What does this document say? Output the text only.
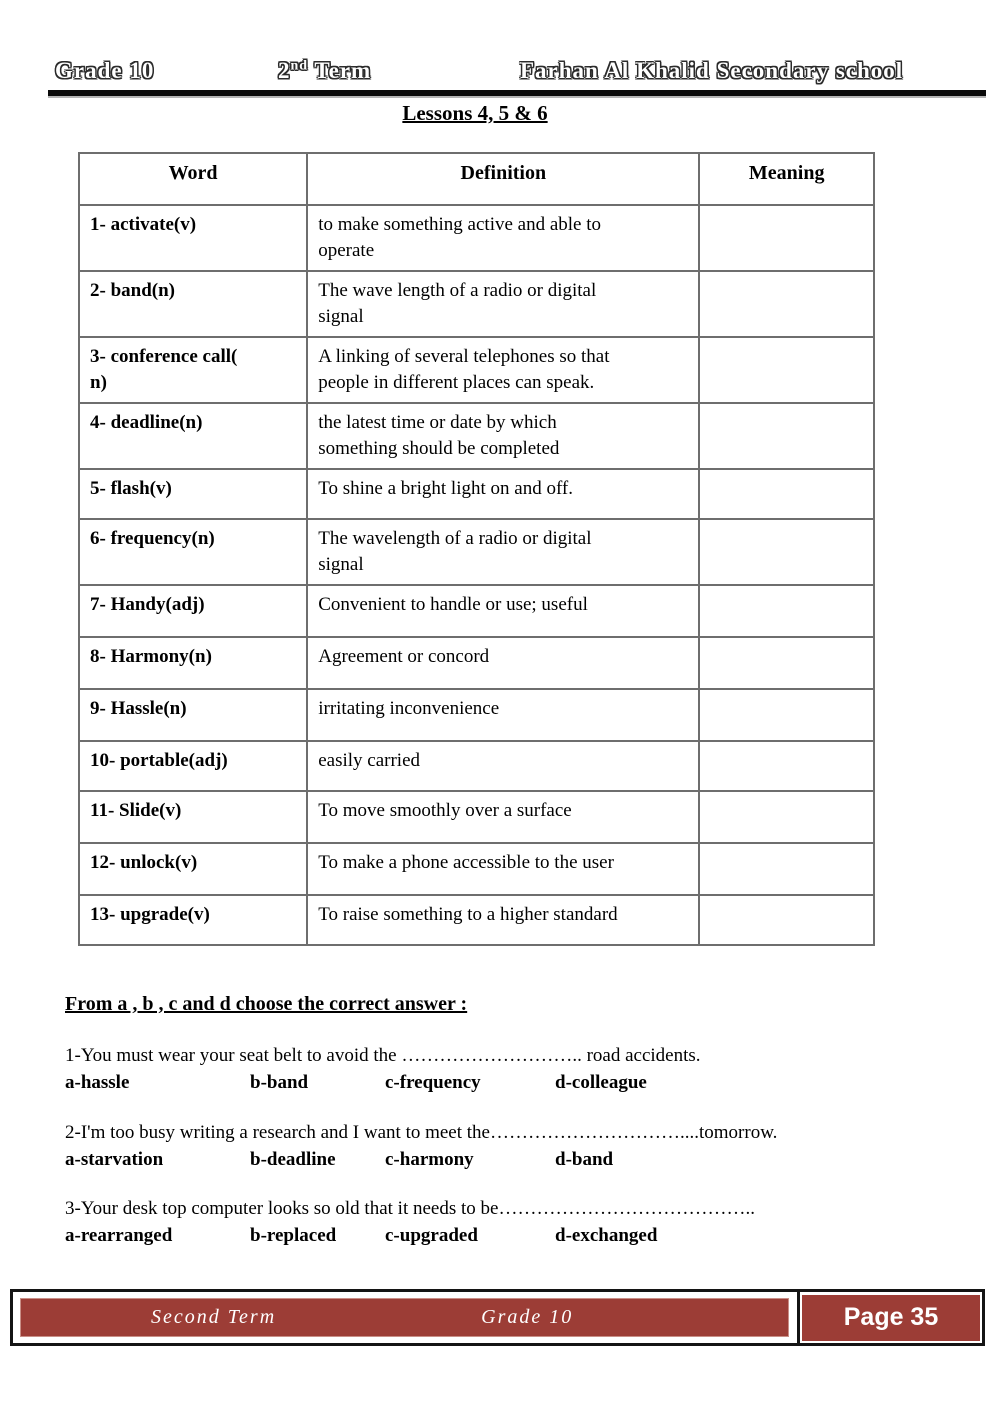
Grade 10	2nd Term	Farhan Al Khalid Secondary school
Lessons 4, 5 & 6
Word	Definition	Meaning
1- activate(v)	to make something active and able to
operate	
2- band(n)	The wave length of a radio or digital
signal	
3- conference call(
n)	A linking of several telephones so that
people in different places can speak.	
4- deadline(n)	the latest time or date by which
something should be completed	
5- flash(v)	To shine a bright light on and off.	
6- frequency(n)	The wavelength of a radio or digital
signal	
7- Handy(adj)	Convenient to handle or use; useful	
8- Harmony(n)	Agreement or concord	
9- Hassle(n)	irritating inconvenience	
10- portable(adj)	easily carried	
11- Slide(v)	To move smoothly over a surface	
12- unlock(v)	To make a phone accessible to the user	
13- upgrade(v)	To raise something to a higher standard	
From a , b , c and d choose the correct answer :
1-You must wear your seat belt to avoid the ……………………….. road accidents.
a-hassle	b-band	c-frequency	d-colleague
2-I'm too busy writing a research and I want to meet the…………………………....tomorrow.
a-starvation	b-deadline	c-harmony	d-band
3-Your desk top computer looks so old that it needs to be…………………………………..
a-rearranged	b-replaced	c-upgraded	d-exchanged
Second Term	Grade 10	Page 35
